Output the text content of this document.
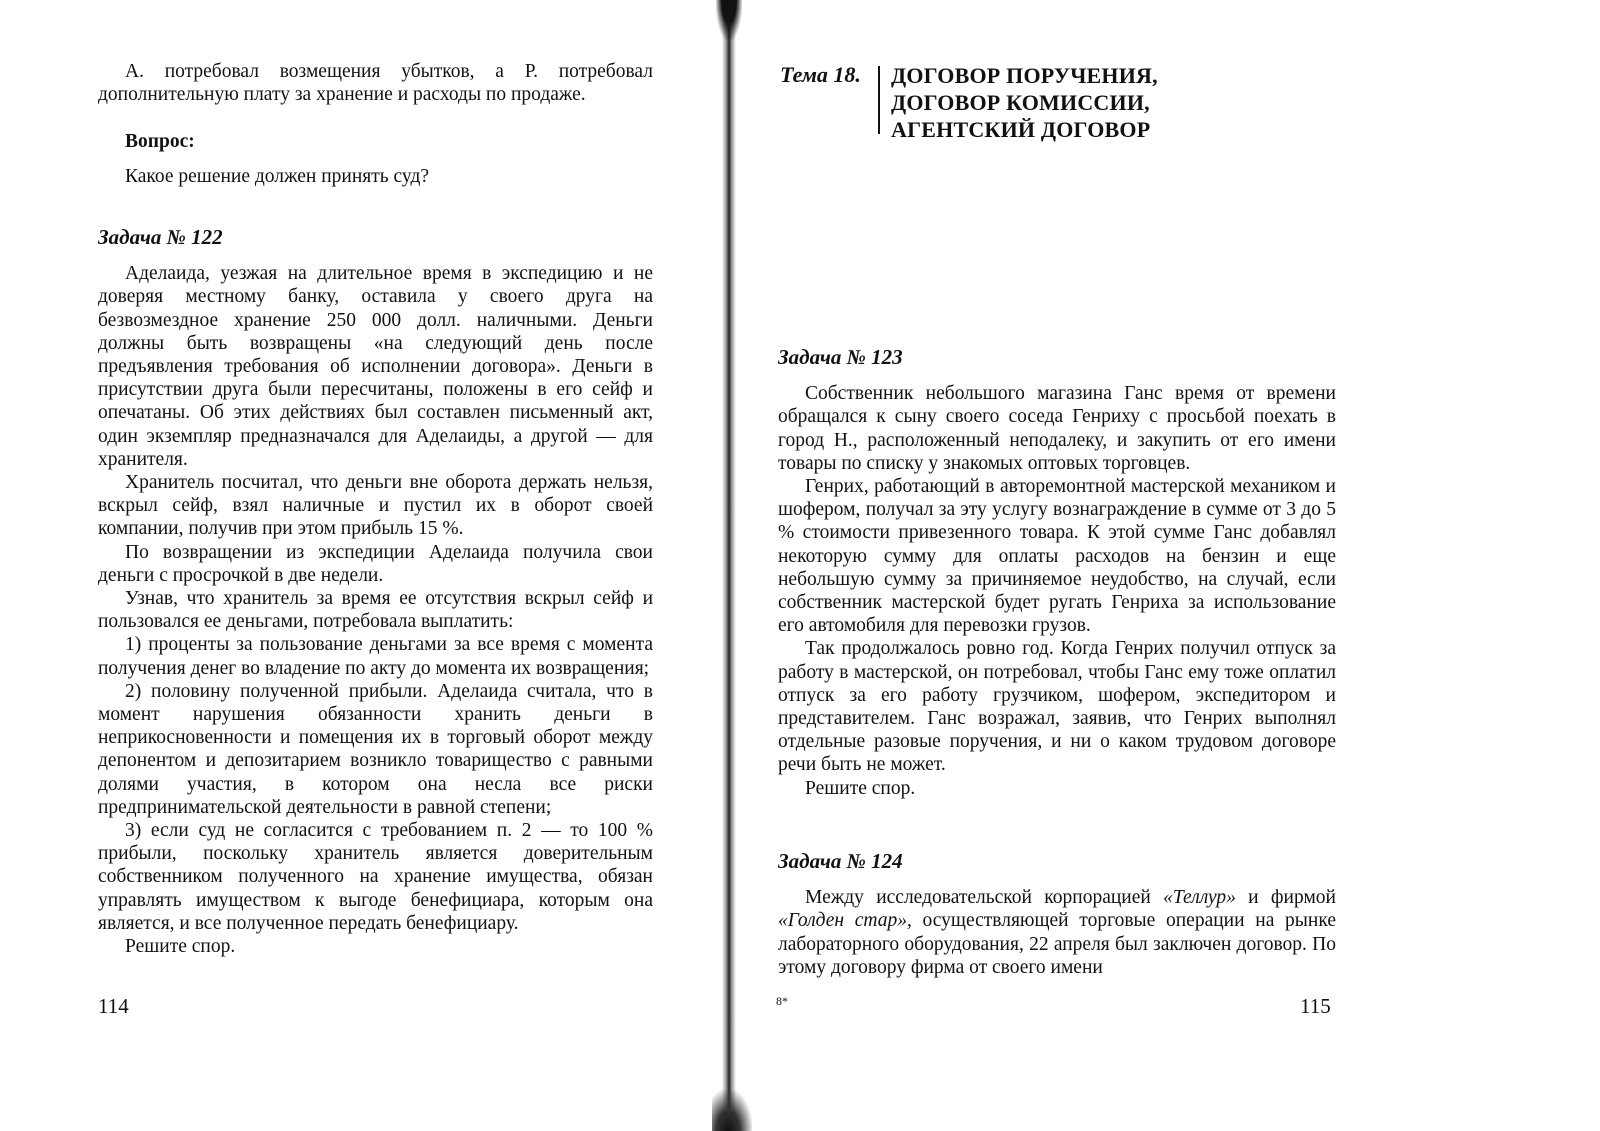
А. потребовал возмещения убытков, а Р. потребовал дополнительную плату за хранение и расходы по продаже.

Вопрос:

Какое решение должен принять суд?

Задача № 122

Аделаида, уезжая на длительное время в экспедицию и не доверяя местному банку, оставила у своего друга на безвозмездное хранение 250 000 долл. наличными. Деньги должны быть возвращены «на следующий день после предъявления требования об исполнении договора». Деньги в присутствии друга были пересчитаны, положены в его сейф и опечатаны. Об этих действиях был составлен письменный акт, один экземпляр предназначался для Аделаиды, а другой — для хранителя.

Хранитель посчитал, что деньги вне оборота держать нельзя, вскрыл сейф, взял наличные и пустил их в оборот своей компании, получив при этом прибыль 15 %.

По возвращении из экспедиции Аделаида получила свои деньги с просрочкой в две недели.

Узнав, что хранитель за время ее отсутствия вскрыл сейф и пользовался ее деньгами, потребовала выплатить:

1) проценты за пользование деньгами за все время с момента получения денег во владение по акту до момента их возвращения;

2) половину полученной прибыли. Аделаида считала, что в момент нарушения обязанности хранить деньги в неприкосновенности и помещения их в торговый оборот между депонентом и депозитарием возникло товарищество с равными долями участия, в котором она несла все риски предпринимательской деятельности в равной степени;

3) если суд не согласится с требованием п. 2 — то 100 % прибыли, поскольку хранитель является доверительным собственником полученного на хранение имущества, обязан управлять имуществом к выгоде бенефициара, которым она является, и все полученное передать бенефициару.

Решите спор.

114
Тема 18. ДОГОВОР ПОРУЧЕНИЯ,
ДОГОВОР КОМИССИИ,
АГЕНТСКИЙ ДОГОВОР

Задача № 123

Собственник небольшого магазина Ганс время от времени обращался к сыну своего соседа Генриху с просьбой поехать в город Н., расположенный неподалеку, и закупить от его имени товары по списку у знакомых оптовых торговцев.

Генрих, работающий в авторемонтной мастерской механиком и шофером, получал за эту услугу вознаграждение в сумме от 3 до 5 % стоимости привезенного товара. К этой сумме Ганс добавлял некоторую сумму для оплаты расходов на бензин и еще небольшую сумму за причиняемое неудобство, на случай, если собственник мастерской будет ругать Генриха за использование его автомобиля для перевозки грузов.

Так продолжалось ровно год. Когда Генрих получил отпуск за работу в мастерской, он потребовал, чтобы Ганс ему тоже оплатил отпуск за его работу грузчиком, шофером, экспедитором и представителем. Ганс возражал, заявив, что Генрих выполнял отдельные разовые поручения, и ни о каком трудовом договоре речи быть не может.

Решите спор.

Задача № 124

Между исследовательской корпорацией «Теллур» и фирмой «Голден стар», осуществляющей торговые операции на рынке лабораторного оборудования, 22 апреля был заключен договор. По этому договору фирма от своего имени

8*	115
